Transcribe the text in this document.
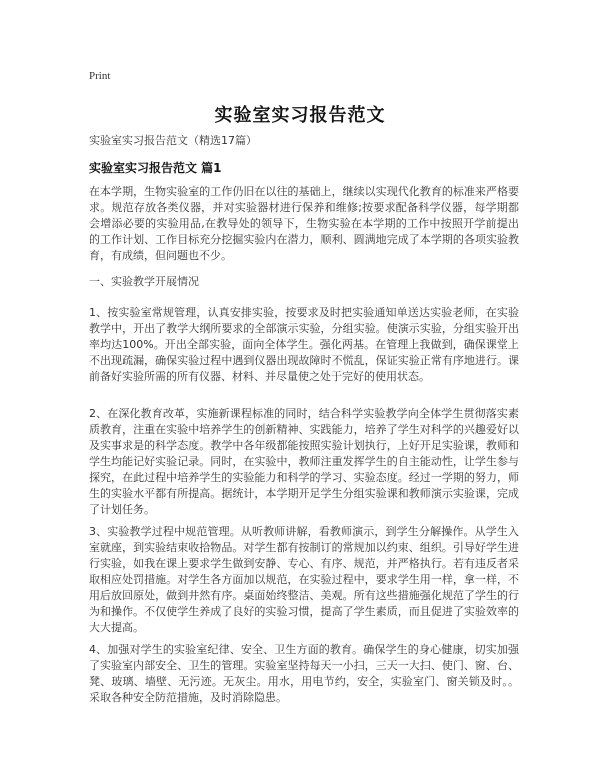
Print
实验室实习报告范文
实验室实习报告范文（精选17篇）
实验室实习报告范文 篇1

在本学期，生物实验室的工作仍旧在以往的基础上，继续以实现代化教育的标准来严格要求。规范存放各类仪器，并对实验器材进行保养和维修;按要求配备科学仪器，每学期都会增添必要的实验用品,在教导处的领导下，生物实验在本学期的工作中按照开学前提出的工作计划、工作目标充分挖掘实验内在潜力，顺利、圆满地完成了本学期的各项实验教育，有成绩，但问题也不少。

一、实验教学开展情况

1、按实验室常规管理，认真安排实验，按要求及时把实验通知单送达实验老师，在实验教学中，开出了教学大纲所要求的全部演示实验，分组实验。使演示实验，分组实验开出率均达100%。开出全部实验，面向全体学生。强化两基。在管理上我做到，确保课堂上不出现疏漏，确保实验过程中遇到仪器出现故障时不慌乱，保证实验正常有序地进行。课前备好实验所需的所有仪器、材料、并尽量使之处于完好的使用状态。

2、在深化教育改革，实施新课程标准的同时，结合科学实验教学向全体学生贯彻落实素质教育，注重在实验中培养学生的创新精神、实践能力，培养了学生对科学的兴趣爱好以及实事求是的科学态度。教学中各年级都能按照实验计划执行，上好开足实验课，教师和学生均能记好实验记录。同时，在实验中，教师注重发挥学生的自主能动性，让学生参与探究，在此过程中培养学生的实验能力和科学的学习、实验态度。经过一学期的努力，师生的实验水平都有所提高。据统计，本学期开足学生分组实验课和教师演示实验课，完成了计划任务。

3、实验教学过程中规范管理。从听教师讲解，看教师演示，到学生分解操作。从学生入室就座，到实验结束收拾物品。对学生都有按制订的常规加以约束、组织。引导好学生进行实验，如我在课上要求学生做到安静、专心、有序、规范，并严格执行。若有违反者采取相应处罚措施。对学生各方面加以规范，在实验过程中，要求学生用一样，拿一样，不用后放回原处，做到井然有序。桌面始终整洁、美观。所有这些措施强化规范了学生的行为和操作。不仅使学生养成了良好的实验习惯，提高了学生素质，而且促进了实验效率的大大提高。

4、加强对学生的实验室纪律、安全、卫生方面的教育。确保学生的身心健康，切实加强了实验室内部安全、卫生的管理。实验室坚持每天一小扫，三天一大扫、使门、窗、台、凳、玻璃、墙壁、无污迹。无灰尘。用水，用电节约，安全，实验室门、窗关锁及时。。采取各种安全防范措施，及时消除隐患。
